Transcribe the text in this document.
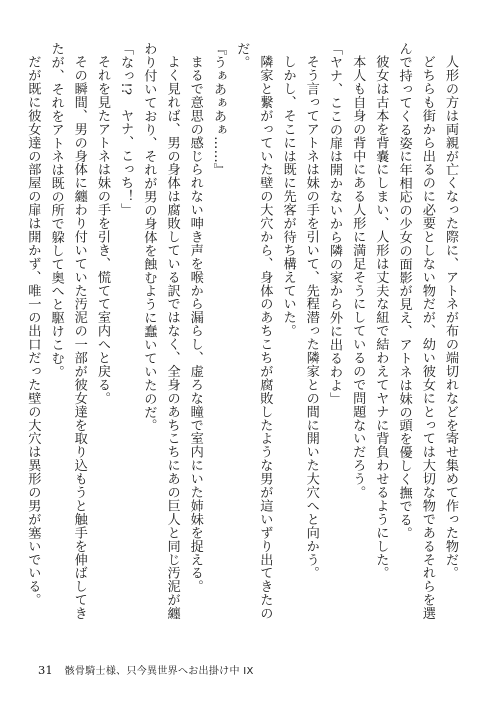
人形の方は両親が亡くなった際に、アトネが布の端切れなどを寄せ集めて作った物だ。

どちらも街から出るのに必要としない物だが、幼い彼女にとっては大切な物であるそれらを選んで持ってくる姿に年相応の少女の面影が見え、アトネは妹の頭を優しく撫でる。

彼女は古本を背嚢にしまい、人形は丈夫な紐で結わえてヤナに背負わせるようにした。

本人も自身の背中にある人形に満足そうにしているので問題ないだろう。

「ヤナ、ここの扉は開かないから隣の家から外に出るわよ」

そう言ってアトネは妹の手を引いて、先程潜った隣家との間に開いた大穴へと向かう。

しかし、そこには既に先客が待ち構えていた。

隣家と繋がっていた壁の大穴から、身体のあちこちが腐敗したような男が這いずり出てきたのだ。

『うぁあぁあぁ……』

まるで意思の感じられない呻き声を喉から漏らし、虚ろな瞳で室内にいた姉妹を捉える。

よく見れば、男の身体は腐敗している訳ではなく、全身のあちこちにあの巨人と同じ汚泥が纏わり付いており、それが男の身体を蝕むように蠢いていたのだ。

「なっ!?　ヤナ、こっち！」

それを見たアトネは妹の手を引き、慌てて室内へと戻る。

その瞬間、男の身体に纏わり付いていた汚泥の一部が彼女達を取り込もうと触手を伸ばしてきたが、それをアトネは既の所で躱して奥へと駆けこむ。

だが既に彼女達の部屋の扉は開かず、唯一の出口だった壁の大穴は異形の男が塞いでいる。

31 骸骨騎士様、只今異世界へお出掛け中 IX
